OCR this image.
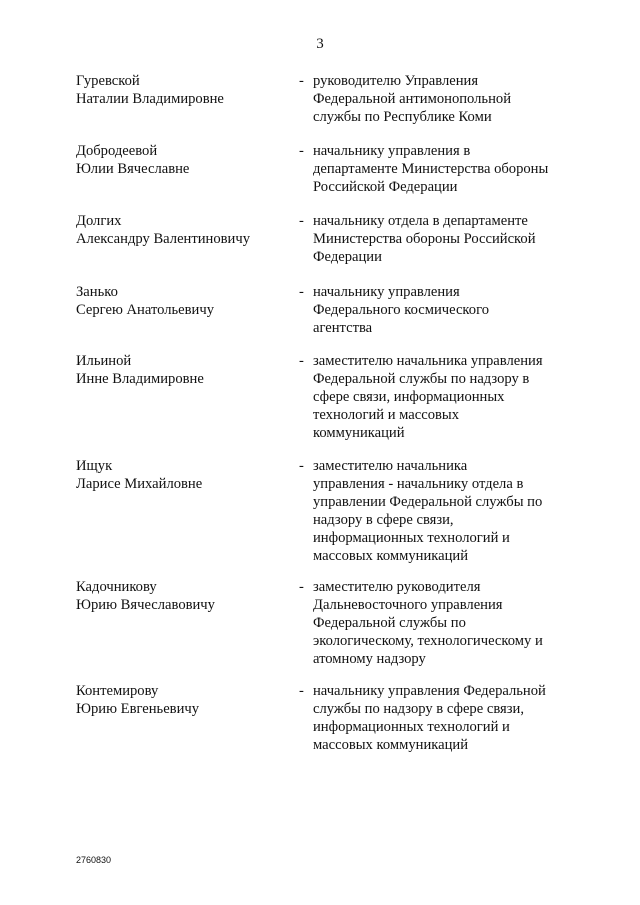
3
Гуревской
Наталии Владимировне
- руководителю Управления
Федеральной антимонопольной
службы по Республике Коми
Добродеевой
Юлии Вячеславне
- начальнику управления в
департаменте Министерства обороны
Российской Федерации
Долгих
Александру Валентиновичу
- начальнику отдела в департаменте
Министерства обороны Российской
Федерации
Занько
Сергею Анатольевичу
- начальнику управления
Федерального космического
агентства
Ильиной
Инне Владимировне
- заместителю начальника управления
Федеральной службы по надзору в
сфере связи, информационных
технологий и массовых
коммуникаций
Ищук
Ларисе Михайловне
- заместителю начальника
управления - начальнику отдела в
управлении Федеральной службы по
надзору в сфере связи,
информационных технологий и
массовых коммуникаций
Кадочникову
Юрию Вячеславовичу
- заместителю руководителя
Дальневосточного управления
Федеральной службы по
экологическому, технологическому и
атомному надзору
Контемирову
Юрию Евгеньевичу
- начальнику управления Федеральной
службы по надзору в сфере связи,
информационных технологий и
массовых коммуникаций
2760830
